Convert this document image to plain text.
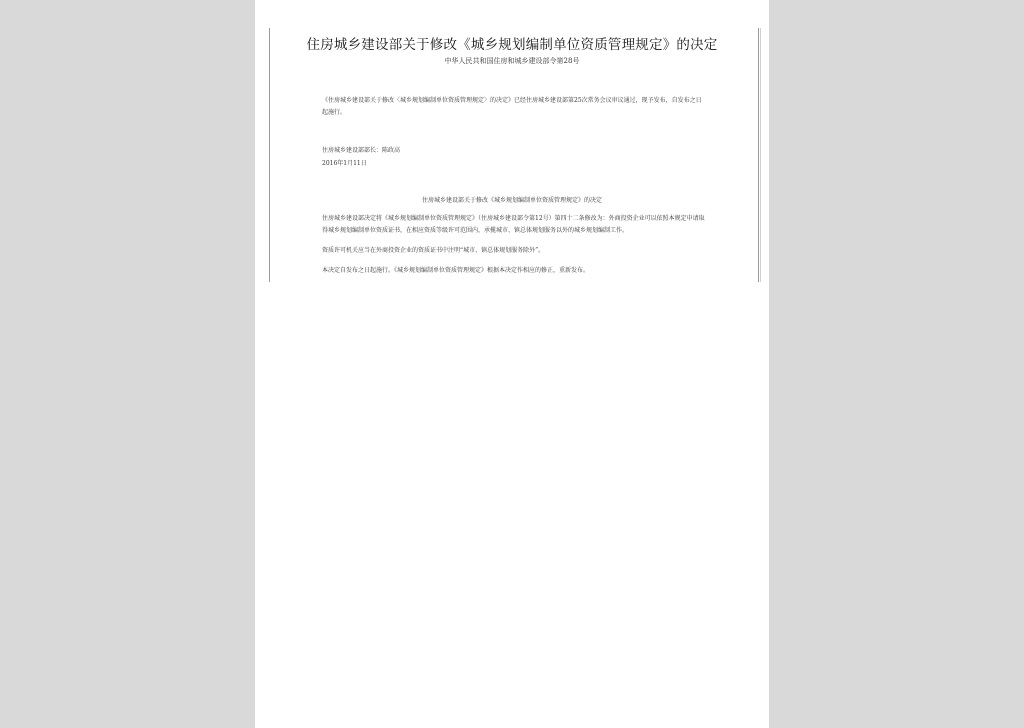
住房城乡建设部关于修改《城乡规划编制单位资质管理规定》的决定
中华人民共和国住房和城乡建设部令第28号
《住房城乡建设部关于修改〈城乡规划编制单位资质管理规定〉的决定》已经住房城乡建设部第25次常务会议审议通过，现予发布，自发布之日起施行。
住房城乡建设部部长：陈政高
2016年1月11日
住房城乡建设部关于修改《城乡规划编制单位资质管理规定》的决定
住房城乡建设部决定将《城乡规划编制单位资质管理规定》（住房城乡建设部令第12号）第四十二条修改为：外商投资企业可以依照本规定申请取得城乡规划编制单位资质证书，在相应资质等级许可范围内，承揽城市、镇总体规划服务以外的城乡规划编制工作。
资质许可机关应当在外商投资企业的资质证书中注明“城市、镇总体规划服务除外”。
本决定自发布之日起施行。《城乡规划编制单位资质管理规定》根据本决定作相应的修正，重新发布。
